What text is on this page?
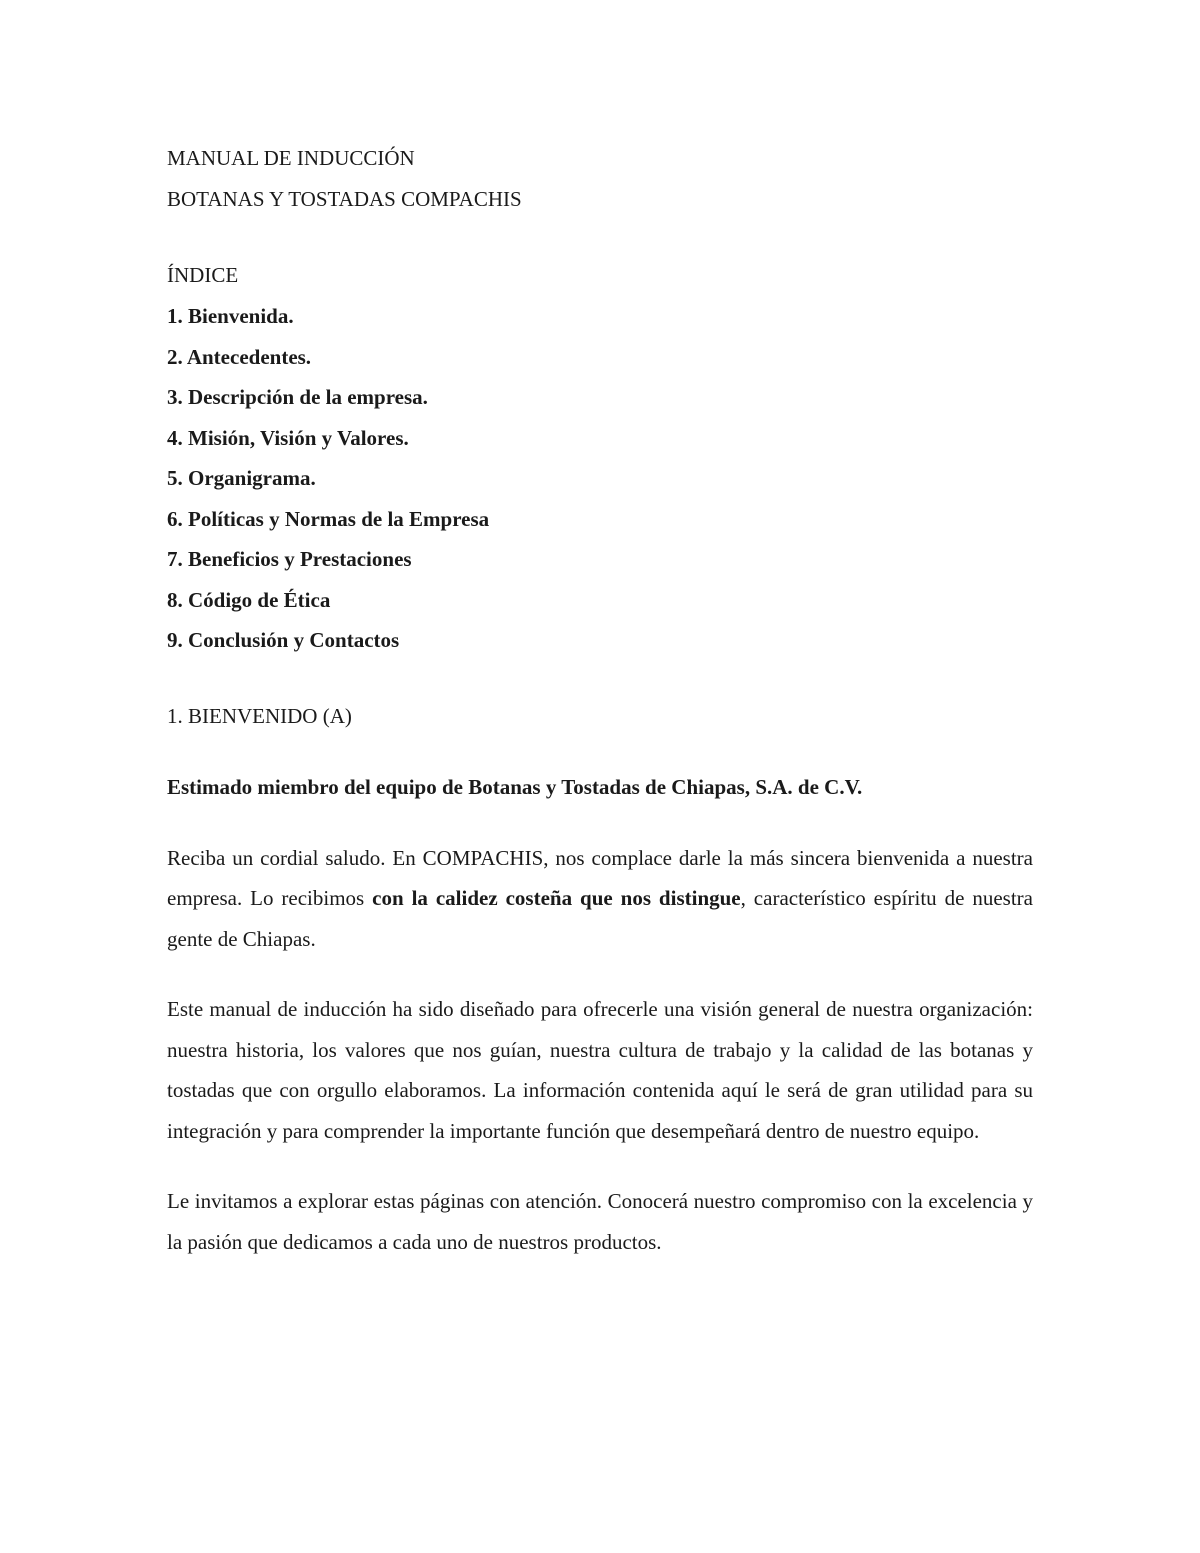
MANUAL DE INDUCCIÓN
BOTANAS Y TOSTADAS COMPACHIS
ÍNDICE
1. Bienvenida.
2. Antecedentes.
3. Descripción de la empresa.
4. Misión, Visión y Valores.
5. Organigrama.
6. Políticas y Normas de la Empresa
7. Beneficios y Prestaciones
8. Código de Ética
9. Conclusión y Contactos
1. BIENVENIDO (A)

Estimado miembro del equipo de Botanas y Tostadas de Chiapas, S.A. de C.V.

Reciba un cordial saludo. En COMPACHIS, nos complace darle la más sincera bienvenida a nuestra empresa. Lo recibimos con la calidez costeña que nos distingue, característico espíritu de nuestra gente de Chiapas.

Este manual de inducción ha sido diseñado para ofrecerle una visión general de nuestra organización: nuestra historia, los valores que nos guían, nuestra cultura de trabajo y la calidad de las botanas y tostadas que con orgullo elaboramos. La información contenida aquí le será de gran utilidad para su integración y para comprender la importante función que desempeñará dentro de nuestro equipo.

Le invitamos a explorar estas páginas con atención. Conocerá nuestro compromiso con la excelencia y la pasión que dedicamos a cada uno de nuestros productos.
